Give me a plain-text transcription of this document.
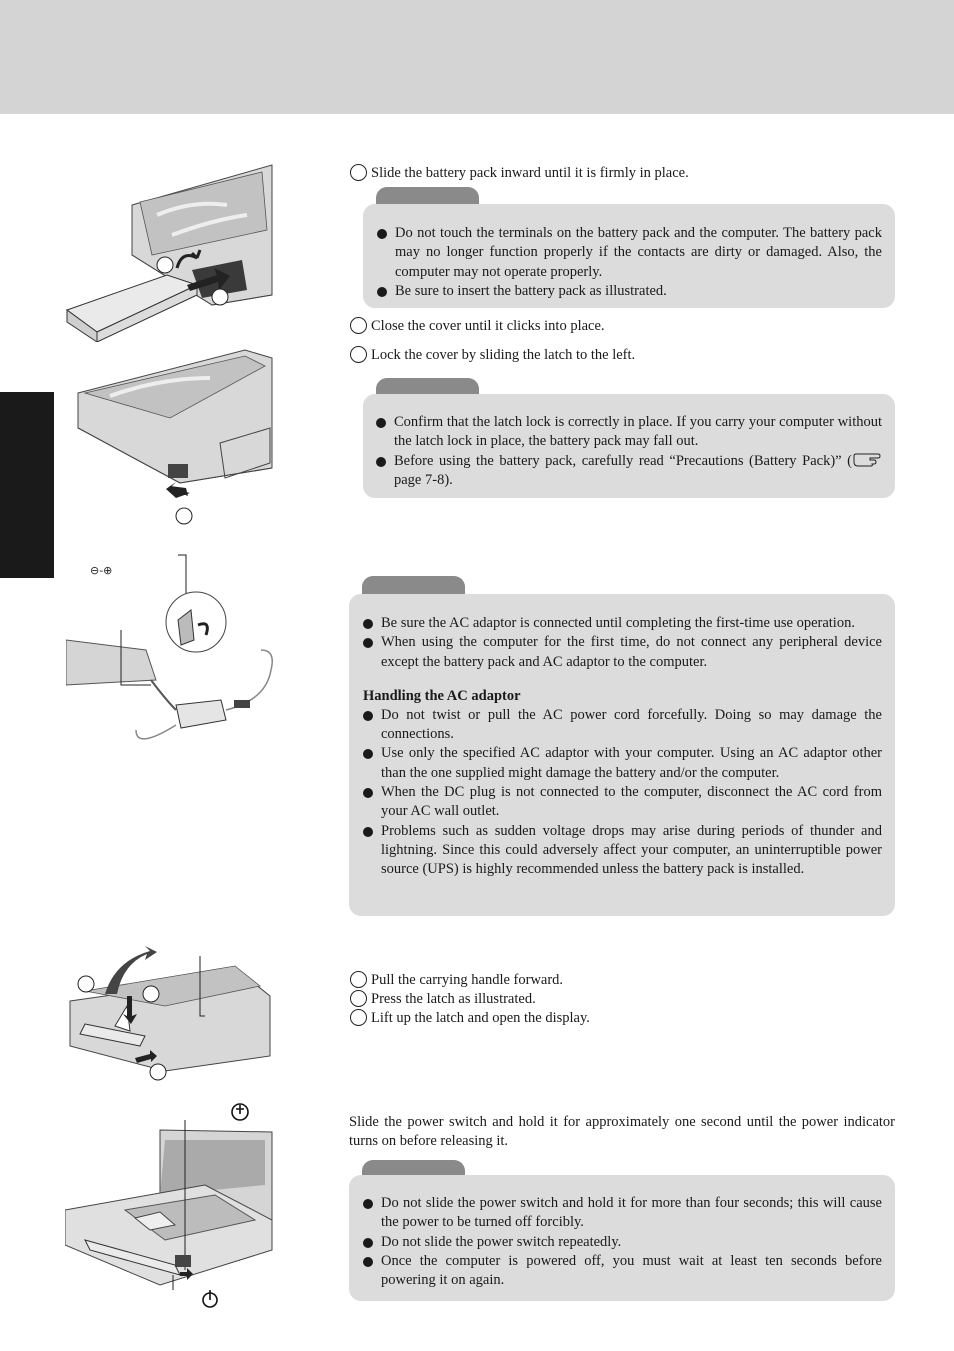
⊖-⊕
Slide the battery pack inward until it is firmly in place.
Do not touch the terminals on the battery pack and the computer. The battery pack may no longer function properly if the contacts are dirty or damaged. Also, the computer may not operate properly.
Be sure to insert the battery pack as illustrated.
Close the cover until it clicks into place.
Lock the cover by sliding the latch to the left.
Confirm that the latch lock is correctly in place. If you carry your computer without the latch lock in place, the battery pack may fall out.
Before using the battery pack, carefully read “Precautions (Battery Pack)” ( page 7-8).
Be sure the AC adaptor is connected until completing the first-time use operation.
When using the computer for the first time, do not connect any peripheral device except the battery pack and AC adaptor to the computer.

Handling the AC adaptor

Do not twist or pull the AC power cord forcefully. Doing so may damage the connections.
Use only the specified AC adaptor with your computer. Using an AC adaptor other than the one supplied might damage the battery and/or the computer.
When the DC plug is not connected to the computer, disconnect the AC cord from your AC wall outlet.
Problems such as sudden voltage drops may arise during periods of thunder and lightning. Since this could adversely affect your computer, an uninterruptible power source (UPS) is highly recommended unless the battery pack is installed.
Pull the carrying handle forward.
Press the latch as illustrated.
Lift up the latch and open the display.
Slide the power switch and hold it for approximately one second until the power indicator turns on before releasing it.
Do not slide the power switch and hold it for more than four seconds; this will cause the power to be turned off forcibly.
Do not slide the power switch repeatedly.
Once the computer is powered off, you must wait at least ten seconds before powering it on again.
